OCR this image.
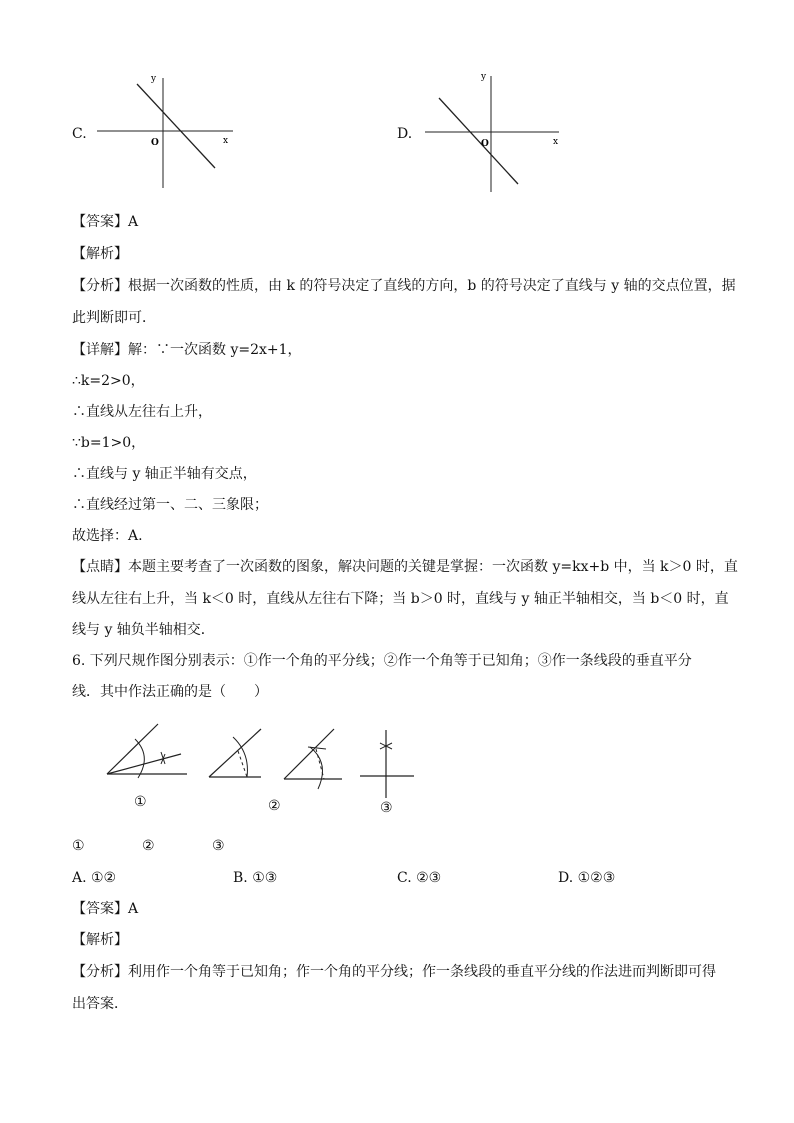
C.
y
x
O
D.
y
x
O
【答案】A
【解析】
【分析】根据一次函数的性质，由 k 的符号决定了直线的方向，b 的符号决定了直线与 y 轴的交点位置，据
此判断即可．
【详解】解：∵一次函数 y=2x+1，
∴k=2>0，
∴直线从左往右上升，
∵b=1>0，
∴直线与 y 轴正半轴有交点，
∴直线经过第一、二、三象限；
故选择：A.
【点睛】本题主要考查了一次函数的图象，解决问题的关键是掌握：一次函数 y=kx+b 中，当 k＞0 时，直
线从左往右上升，当 k＜0 时，直线从左往右下降；当 b＞0 时，直线与 y 轴正半轴相交，当 b＜0 时，直
线与 y 轴负半轴相交．
6. 下列尺规作图分别表示：①作一个角的平分线；②作一个角等于已知角；③作一条线段的垂直平分
线．其中作法正确的是（　　）
①	②	③
①	②	③
A. ①②	B. ①③	C. ②③	D. ①②③
【答案】A
【解析】
【分析】利用作一个角等于已知角；作一个角的平分线；作一条线段的垂直平分线的作法进而判断即可得
出答案．
